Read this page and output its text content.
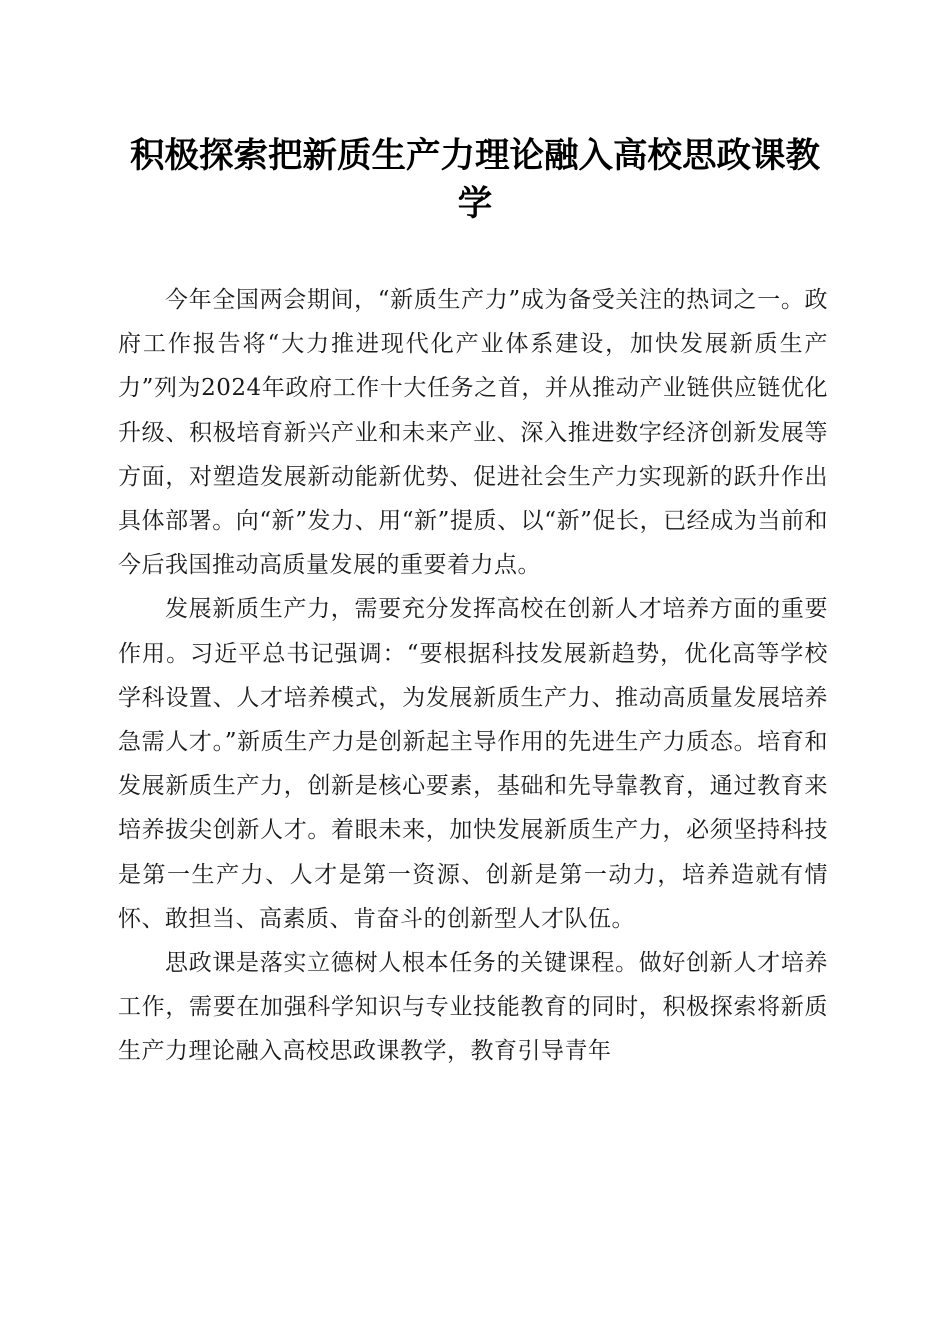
积极探索把新质生产力理论融入高校思政课教学

今年全国两会期间，“新质生产力”成为备受关注的热词之一。政府工作报告将“大力推进现代化产业体系建设，加快发展新质生产力”列为2024年政府工作十大任务之首，并从推动产业链供应链优化升级、积极培育新兴产业和未来产业、深入推进数字经济创新发展等方面，对塑造发展新动能新优势、促进社会生产力实现新的跃升作出具体部署。向“新”发力、用“新”提质、以“新”促长，已经成为当前和今后我国推动高质量发展的重要着力点。

发展新质生产力，需要充分发挥高校在创新人才培养方面的重要作用。习近平总书记强调：“要根据科技发展新趋势，优化高等学校学科设置、人才培养模式，为发展新质生产力、推动高质量发展培养急需人才。”新质生产力是创新起主导作用的先进生产力质态。培育和发展新质生产力，创新是核心要素，基础和先导靠教育，通过教育来培养拔尖创新人才。着眼未来，加快发展新质生产力，必须坚持科技是第一生产力、人才是第一资源、创新是第一动力，培养造就有情怀、敢担当、高素质、肯奋斗的创新型人才队伍。

思政课是落实立德树人根本任务的关键课程。做好创新人才培养工作，需要在加强科学知识与专业技能教育的同时，积极探索将新质生产力理论融入高校思政课教学，教育引导青年
